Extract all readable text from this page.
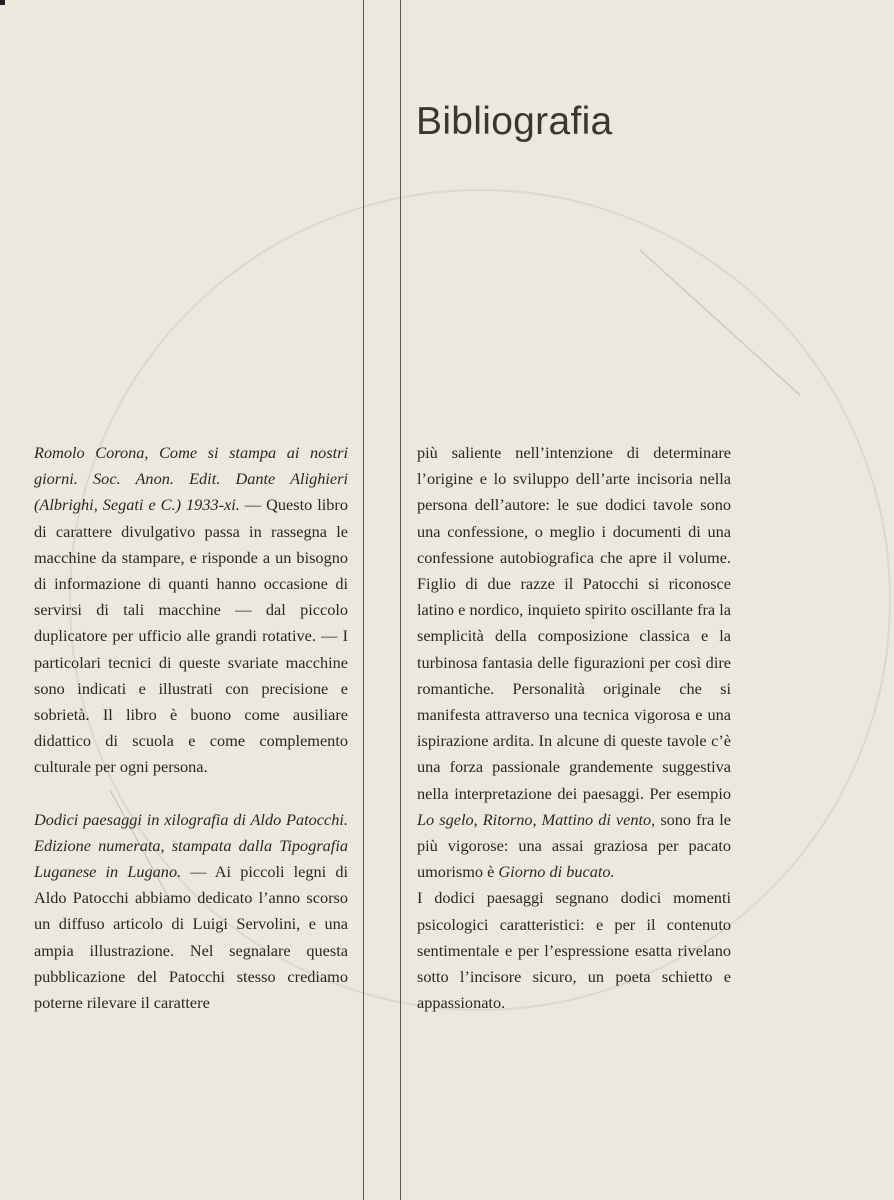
Bibliografia

Romolo Corona, Come si stampa ai nostri giorni. Soc. Anon. Edit. Dante Alighieri (Albrighi, Segati e C.) 1933-xi. — Questo libro di carattere divulgativo passa in rassegna le macchine da stampare, e risponde a un bisogno di informazione di quanti hanno occasione di servirsi di tali macchine — dal piccolo duplicatore per ufficio alle grandi rotative. — I particolari tecnici di queste svariate macchine sono indicati e illustrati con precisione e sobrietà. Il libro è buono come ausiliare didattico di scuola e come complemento culturale per ogni persona.

Dodici paesaggi in xilografia di Aldo Patocchi. Edizione numerata, stampata dalla Tipografia Luganese in Lugano. — Ai piccoli legni di Aldo Patocchi abbiamo dedicato l’anno scorso un diffuso articolo di Luigi Servolini, e una ampia illustrazione. Nel segnalare questa pubblicazione del Patocchi stesso crediamo poterne rilevare il carattere

più saliente nell’intenzione di determinare l’origine e lo sviluppo dell’arte incisoria nella persona dell’autore: le sue dodici tavole sono una confessione, o meglio i documenti di una confessione autobiografica che apre il volume. Figlio di due razze il Patocchi si riconosce latino e nordico, inquieto spirito oscillante fra la semplicità della composizione classica e la turbinosa fantasia delle figurazioni per così dire romantiche. Personalità originale che si manifesta attraverso una tecnica vigorosa e una ispirazione ardita. In alcune di queste tavole c’è una forza passionale grandemente suggestiva nella interpretazione dei paesaggi. Per esempio Lo sgelo, Ritorno, Mattino di vento, sono fra le più vigorose: una assai graziosa per pacato umorismo è Giorno di bucato.

I dodici paesaggi segnano dodici momenti psicologici caratteristici: e per il contenuto sentimentale e per l’espressione esatta rivelano sotto l’incisore sicuro, un poeta schietto e appassionato.
